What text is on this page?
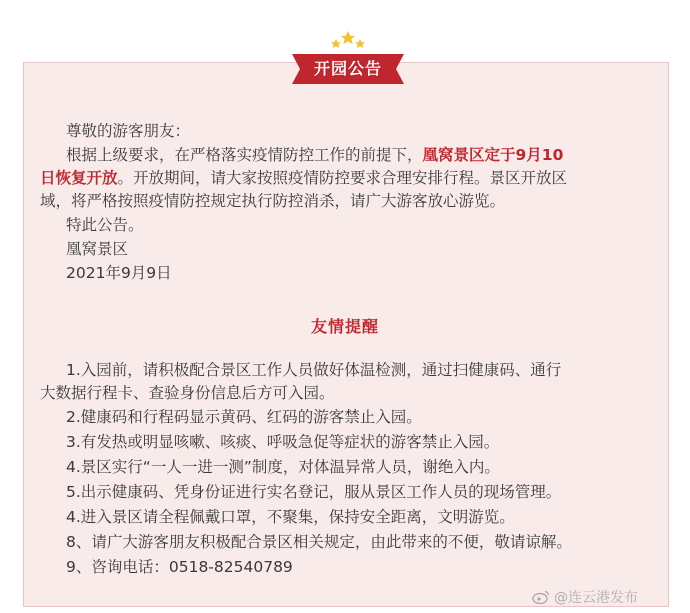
开园公告
尊敬的游客朋友：
根据上级要求，在严格落实疫情防控工作的前提下，凰窝景区定于9月10
日恢复开放。开放期间，请大家按照疫情防控要求合理安排行程。景区开放区
域，将严格按照疫情防控规定执行防控消杀，请广大游客放心游览。
特此公告。
凰窝景区
2021年9月9日
友情提醒
1.入园前，请积极配合景区工作人员做好体温检测，通过扫健康码、通行
大数据行程卡、查验身份信息后方可入园。
2.健康码和行程码显示黄码、红码的游客禁止入园。
3.有发热或明显咳嗽、咳痰、呼吸急促等症状的游客禁止入园。
4.景区实行“一人一进一测”制度，对体温异常人员，谢绝入内。
5.出示健康码、凭身份证进行实名登记，服从景区工作人员的现场管理。
4.进入景区请全程佩戴口罩，不聚集，保持安全距离，文明游览。
8、请广大游客朋友积极配合景区相关规定，由此带来的不便，敬请谅解。
9、咨询电话：0518-82540789
@连云港发布
